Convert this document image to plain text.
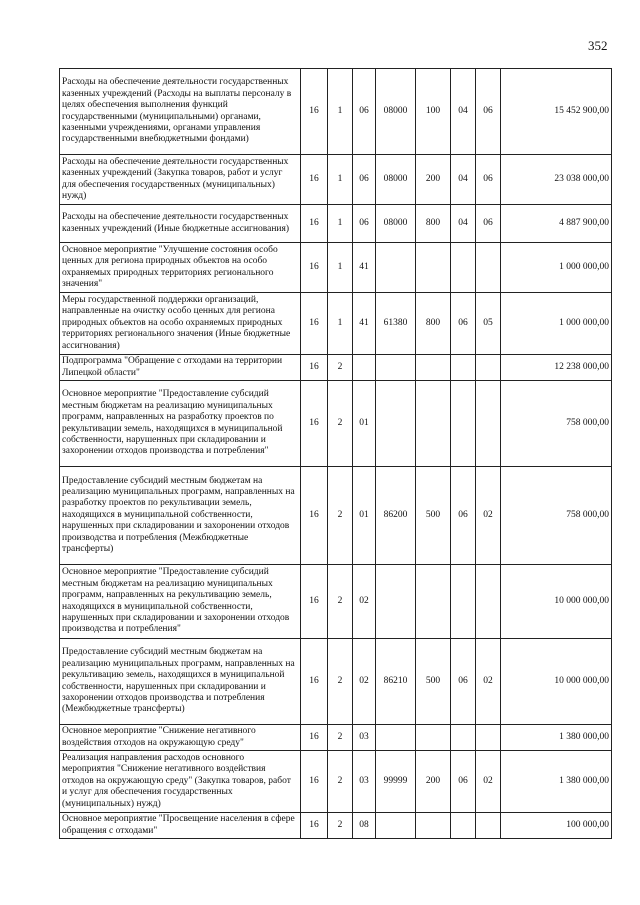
352
Расходы на обеспечение деятельности государственных казенных учреждений (Расходы на выплаты персоналу в целях обеспечения выполнения функций государственными (муниципальными) органами, казенными учреждениями, органами управления государственными внебюджетными фондами)	16	1	06	08000	100	04	06	15 452 900,00
Расходы на обеспечение деятельности государственных казенных учреждений (Закупка товаров, работ и услуг для обеспечения государственных (муниципальных) нужд)	16	1	06	08000	200	04	06	23 038 000,00
Расходы на обеспечение деятельности государственных казенных учреждений (Иные бюджетные ассигнования)	16	1	06	08000	800	04	06	4 887 900,00
Основное мероприятие "Улучшение состояния особо ценных для региона природных объектов на особо охраняемых природных территориях регионального значения"	16	1	41					1 000 000,00
Меры государственной поддержки организаций, направленные на очистку особо ценных для региона природных объектов на особо охраняемых природных территориях регионального значения (Иные бюджетные ассигнования)	16	1	41	61380	800	06	05	1 000 000,00
Подпрограмма "Обращение с отходами на территории Липецкой области"	16	2						12 238 000,00
Основное мероприятие "Предоставление субсидий местным бюджетам на реализацию муниципальных программ, направленных на разработку проектов по рекультивации земель, находящихся в муниципальной собственности, нарушенных при складировании и захоронении отходов производства и потребления"	16	2	01					758 000,00
Предоставление субсидий местным бюджетам на реализацию муниципальных программ, направленных на разработку проектов по рекультивации земель, находящихся в муниципальной собственности, нарушенных при складировании и захоронении отходов производства и потребления (Межбюджетные трансферты)	16	2	01	86200	500	06	02	758 000,00
Основное мероприятие "Предоставление субсидий местным бюджетам на реализацию муниципальных программ, направленных на рекультивацию земель, находящихся в муниципальной собственности, нарушенных при складировании и захоронении отходов производства и потребления"	16	2	02					10 000 000,00
Предоставление субсидий местным бюджетам на реализацию муниципальных программ, направленных на рекультивацию земель, находящихся в муниципальной собственности, нарушенных при складировании и захоронении отходов производства и потребления (Межбюджетные трансферты)	16	2	02	86210	500	06	02	10 000 000,00
Основное мероприятие "Снижение негативного воздействия отходов на окружающую среду"	16	2	03					1 380 000,00
Реализация направления расходов основного мероприятия "Снижение негативного воздействия отходов на окружающую среду" (Закупка товаров, работ и услуг для обеспечения государственных (муниципальных) нужд)	16	2	03	99999	200	06	02	1 380 000,00
Основное мероприятие "Просвещение населения в сфере обращения с отходами"	16	2	08					100 000,00
